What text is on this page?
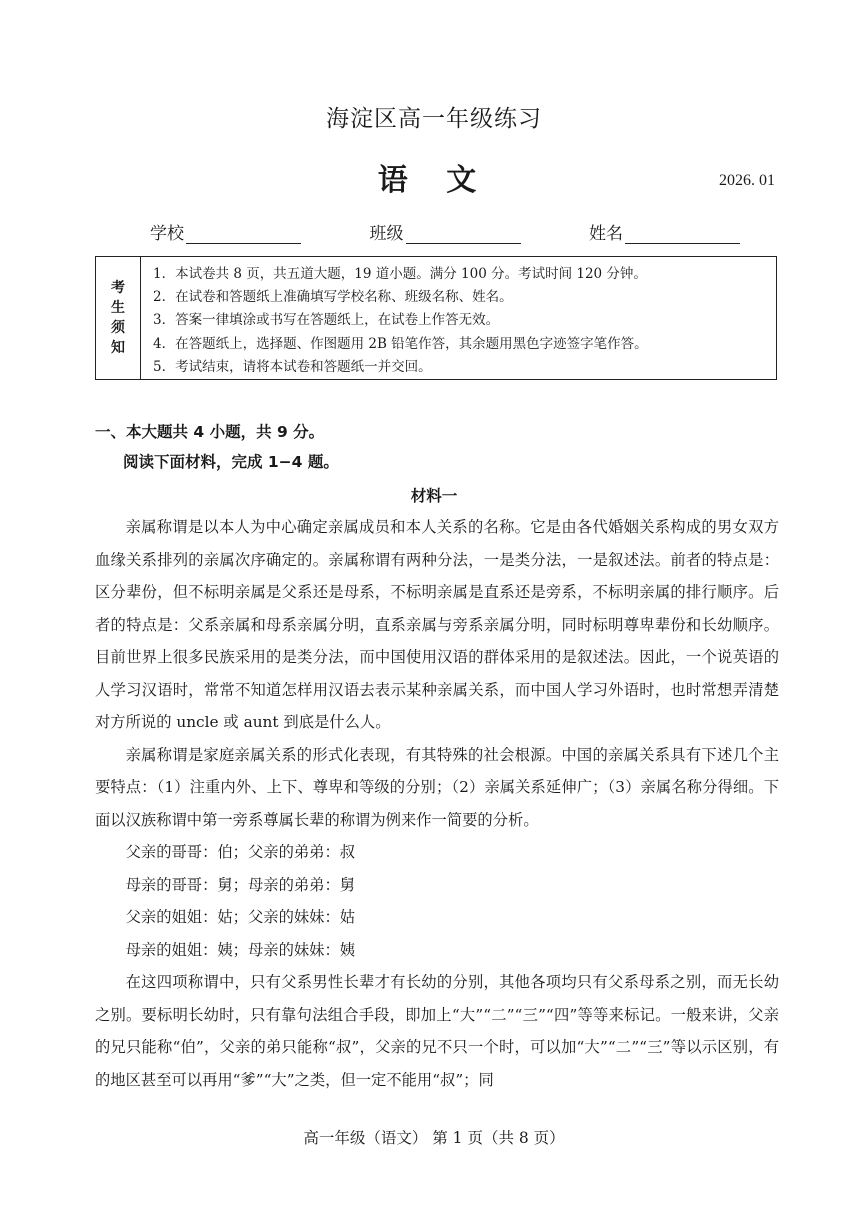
海淀区高一年级练习
语 文	2026. 01
学校	班级	姓名
考
生
须
知
1．本试卷共 8 页，共五道大题，19 道小题。满分 100 分。考试时间 120 分钟。
2．在试卷和答题纸上准确填写学校名称、班级名称、姓名。
3．答案一律填涂或书写在答题纸上，在试卷上作答无效。
4．在答题纸上，选择题、作图题用 2B 铅笔作答，其余题用黑色字迹签字笔作答。
5．考试结束，请将本试卷和答题纸一并交回。
一、本大题共 4 小题，共 9 分。
阅读下面材料，完成 1−4 题。
材料一

亲属称谓是以本人为中心确定亲属成员和本人关系的名称。它是由各代婚姻关系构成的男女双方血缘关系排列的亲属次序确定的。亲属称谓有两种分法，一是类分法，一是叙述法。前者的特点是：区分辈份，但不标明亲属是父系还是母系，不标明亲属是直系还是旁系，不标明亲属的排行顺序。后者的特点是：父系亲属和母系亲属分明，直系亲属与旁系亲属分明，同时标明尊卑辈份和长幼顺序。目前世界上很多民族采用的是类分法，而中国使用汉语的群体采用的是叙述法。因此，一个说英语的人学习汉语时，常常不知道怎样用汉语去表示某种亲属关系，而中国人学习外语时，也时常想弄清楚对方所说的 uncle 或 aunt 到底是什么人。

亲属称谓是家庭亲属关系的形式化表现，有其特殊的社会根源。中国的亲属关系具有下述几个主要特点：（1）注重内外、上下、尊卑和等级的分别；（2）亲属关系延伸广；（3）亲属名称分得细。下面以汉族称谓中第一旁系尊属长辈的称谓为例来作一简要的分析。

父亲的哥哥：伯；父亲的弟弟：叔

母亲的哥哥：舅；母亲的弟弟：舅

父亲的姐姐：姑；父亲的妹妹：姑

母亲的姐姐：姨；母亲的妹妹：姨

在这四项称谓中，只有父系男性长辈才有长幼的分别，其他各项均只有父系母系之别，而无长幼之别。要标明长幼时，只有靠句法组合手段，即加上“大”“二”“三”“四”等等来标记。一般来讲，父亲的兄只能称“伯”，父亲的弟只能称“叔”，父亲的兄不只一个时，可以加“大”“二”“三”等以示区别，有的地区甚至可以再用“爹”“大”之类，但一定不能用“叔”；同

高一年级（语文） 第 1 页（共 8 页）
